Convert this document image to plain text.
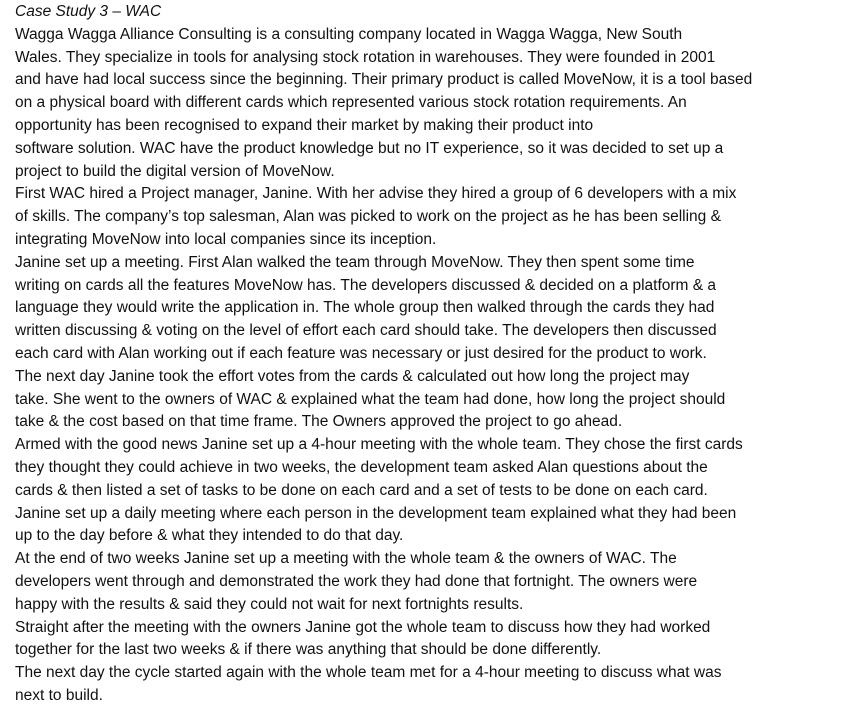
Case Study 3 – WAC
Wagga Wagga Alliance Consulting is a consulting company located in Wagga Wagga, New South
Wales. They specialize in tools for analysing stock rotation in warehouses. They were founded in 2001
and have had local success since the beginning. Their primary product is called MoveNow, it is a tool based
on a physical board with different cards which represented various stock rotation requirements. An
opportunity has been recognised to expand their market by making their product into
software solution. WAC have the product knowledge but no IT experience, so it was decided to set up a
project to build the digital version of MoveNow.
First WAC hired a Project manager, Janine. With her advise they hired a group of 6 developers with a mix
of skills. The company’s top salesman, Alan was picked to work on the project as he has been selling &
integrating MoveNow into local companies since its inception.
Janine set up a meeting. First Alan walked the team through MoveNow. They then spent some time
writing on cards all the features MoveNow has. The developers discussed & decided on a platform & a
language they would write the application in. The whole group then walked through the cards they had
written discussing & voting on the level of effort each card should take. The developers then discussed
each card with Alan working out if each feature was necessary or just desired for the product to work.
The next day Janine took the effort votes from the cards & calculated out how long the project may
take. She went to the owners of WAC & explained what the team had done, how long the project should
take & the cost based on that time frame. The Owners approved the project to go ahead.
Armed with the good news Janine set up a 4-hour meeting with the whole team. They chose the first cards
they thought they could achieve in two weeks, the development team asked Alan questions about the
cards & then listed a set of tasks to be done on each card and a set of tests to be done on each card.
Janine set up a daily meeting where each person in the development team explained what they had been
up to the day before & what they intended to do that day.
At the end of two weeks Janine set up a meeting with the whole team & the owners of WAC. The
developers went through and demonstrated the work they had done that fortnight. The owners were
happy with the results & said they could not wait for next fortnights results.
Straight after the meeting with the owners Janine got the whole team to discuss how they had worked
together for the last two weeks & if there was anything that should be done differently.
The next day the cycle started again with the whole team met for a 4-hour meeting to discuss what was
next to build.
